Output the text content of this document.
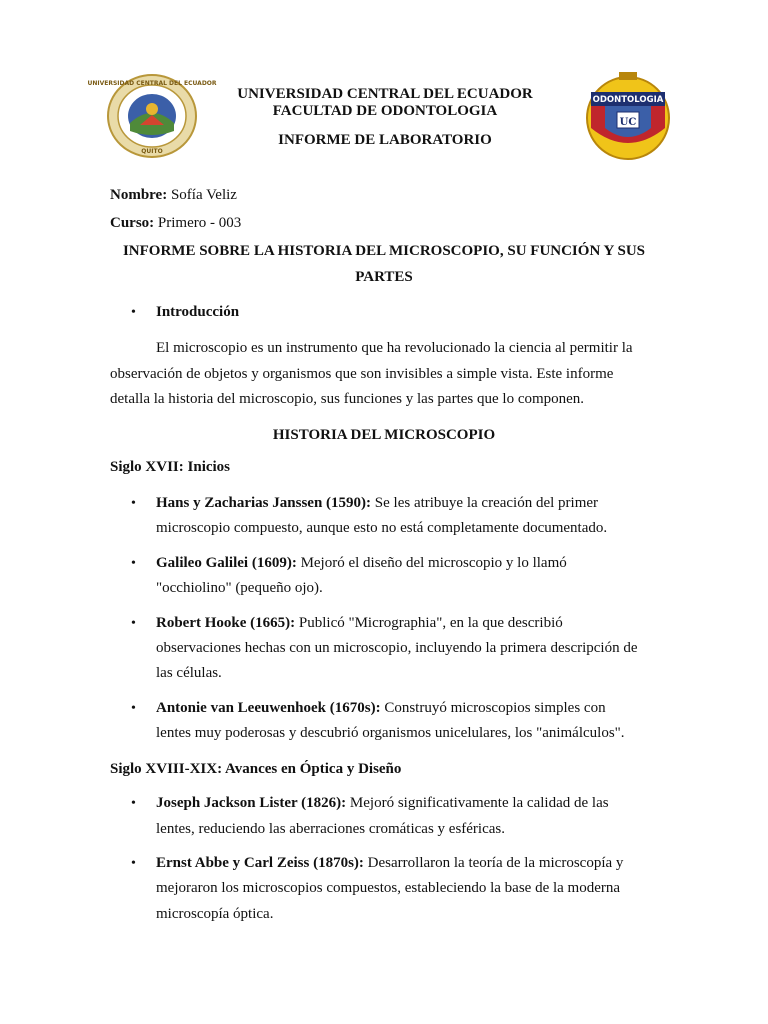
UNIVERSIDAD CENTRAL DEL ECUADOR
QUITO
ODONTOLOGIA
UC
UNIVERSIDAD CENTRAL DEL ECUADOR
FACULTAD DE ODONTOLOGIA
INFORME DE LABORATORIO
Nombre: Sofía Veliz
Curso: Primero - 003
INFORME SOBRE LA HISTORIA DEL MICROSCOPIO, SU FUNCIÓN Y SUS
PARTES
• Introducción
El microscopio es un instrumento que ha revolucionado la ciencia al permitir la
observación de objetos y organismos que son invisibles a simple vista. Este informe
detalla la historia del microscopio, sus funciones y las partes que lo componen.
HISTORIA DEL MICROSCOPIO
Siglo XVII: Inicios
• Hans y Zacharias Janssen (1590): Se les atribuye la creación del primer
microscopio compuesto, aunque esto no está completamente documentado.
• Galileo Galilei (1609): Mejoró el diseño del microscopio y lo llamó
"occhiolino" (pequeño ojo).
• Robert Hooke (1665): Publicó "Micrographia", en la que describió
observaciones hechas con un microscopio, incluyendo la primera descripción de
las células.
• Antonie van Leeuwenhoek (1670s): Construyó microscopios simples con
lentes muy poderosas y descubrió organismos unicelulares, los "animálculos".
Siglo XVIII-XIX: Avances en Óptica y Diseño
• Joseph Jackson Lister (1826): Mejoró significativamente la calidad de las
lentes, reduciendo las aberraciones cromáticas y esféricas.
• Ernst Abbe y Carl Zeiss (1870s): Desarrollaron la teoría de la microscopía y
mejoraron los microscopios compuestos, estableciendo la base de la moderna
microscopía óptica.
